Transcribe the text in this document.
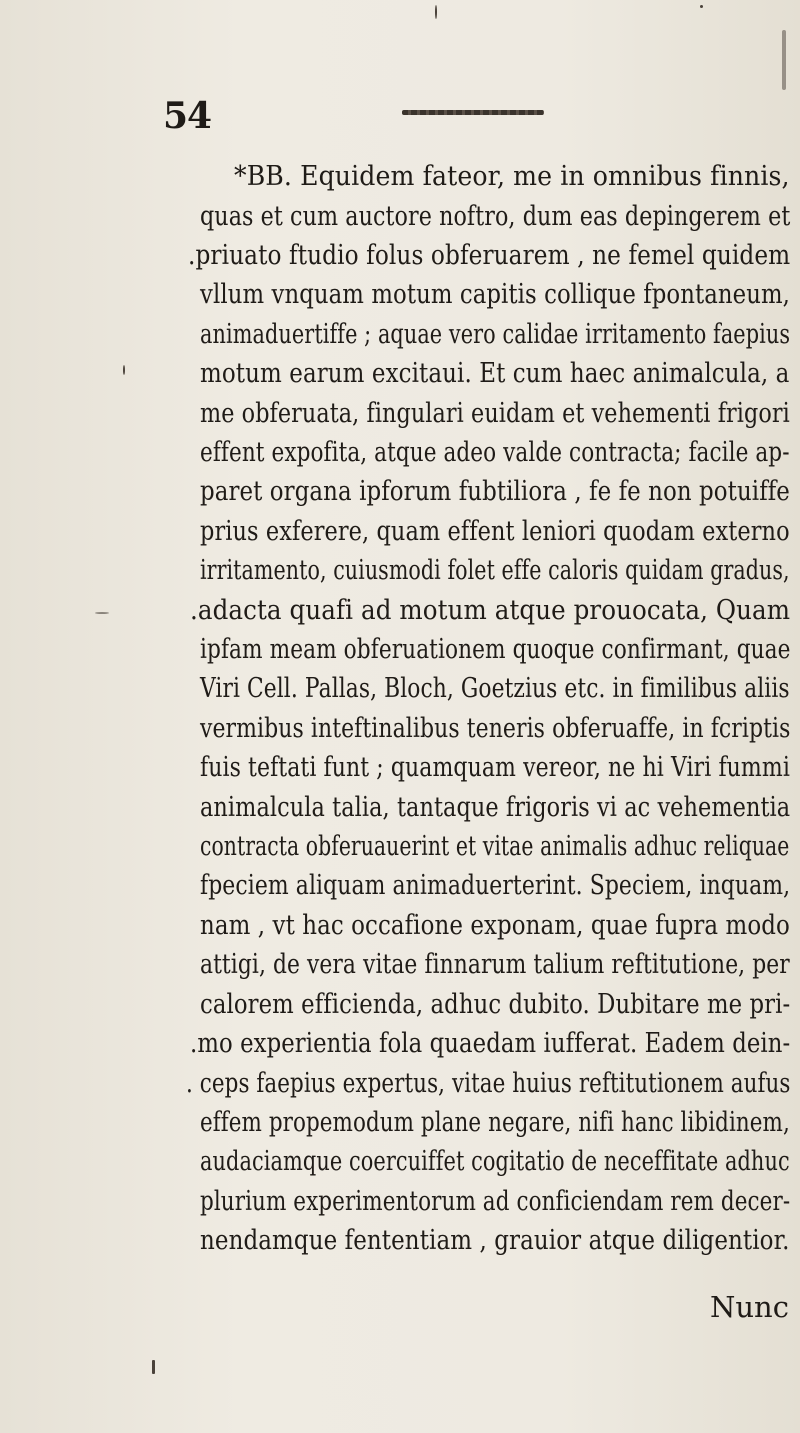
54
*BB. Equidem fateor, me in omnibus finnis,
quas et cum auctore noftro, dum eas depingerem et
.priuato ftudio folus obferuarem , ne femel quidem
vllum vnquam motum capitis collique fpontaneum,
animaduertiffe ; aquae vero calidae irritamento faepius
motum earum excitaui. Et cum haec animalcula, a
me obferuata, fingulari euidam et vehementi frigori
effent expofita, atque adeo valde contracta; facile ap-
paret organa ipforum fubtiliora , fe fe non potuiffe
prius exferere, quam effent leniori quodam externo
irritamento, cuiusmodi folet effe caloris quidam gradus,
.adacta quafi ad motum atque prouocata, Quam
ipfam meam obferuationem quoque confirmant, quae
Viri Cell. Pallas, Bloch, Goetzius etc. in fimilibus aliis
vermibus inteftinalibus teneris obferuaffe, in fcriptis
fuis teftati funt ; quamquam vereor, ne hi Viri fummi
animalcula talia, tantaque frigoris vi ac vehementia
contracta obferuauerint et vitae animalis adhuc reliquae
fpeciem aliquam animaduerterint. Speciem, inquam,
nam , vt hac occafione exponam, quae fupra modo
attigi, de vera vitae finnarum talium reftitutione, per
calorem efficienda, adhuc dubito. Dubitare me pri-
.mo experientia fola quaedam iufferat. Eadem dein-
. ceps faepius expertus, vitae huius reftitutionem aufus
effem propemodum plane negare, nifi hanc libidinem,
audaciamque coercuiffet cogitatio de neceffitate adhuc
plurium experimentorum ad conficiendam rem decer-
nendamque fententiam , grauior atque diligentior.
Nunc
